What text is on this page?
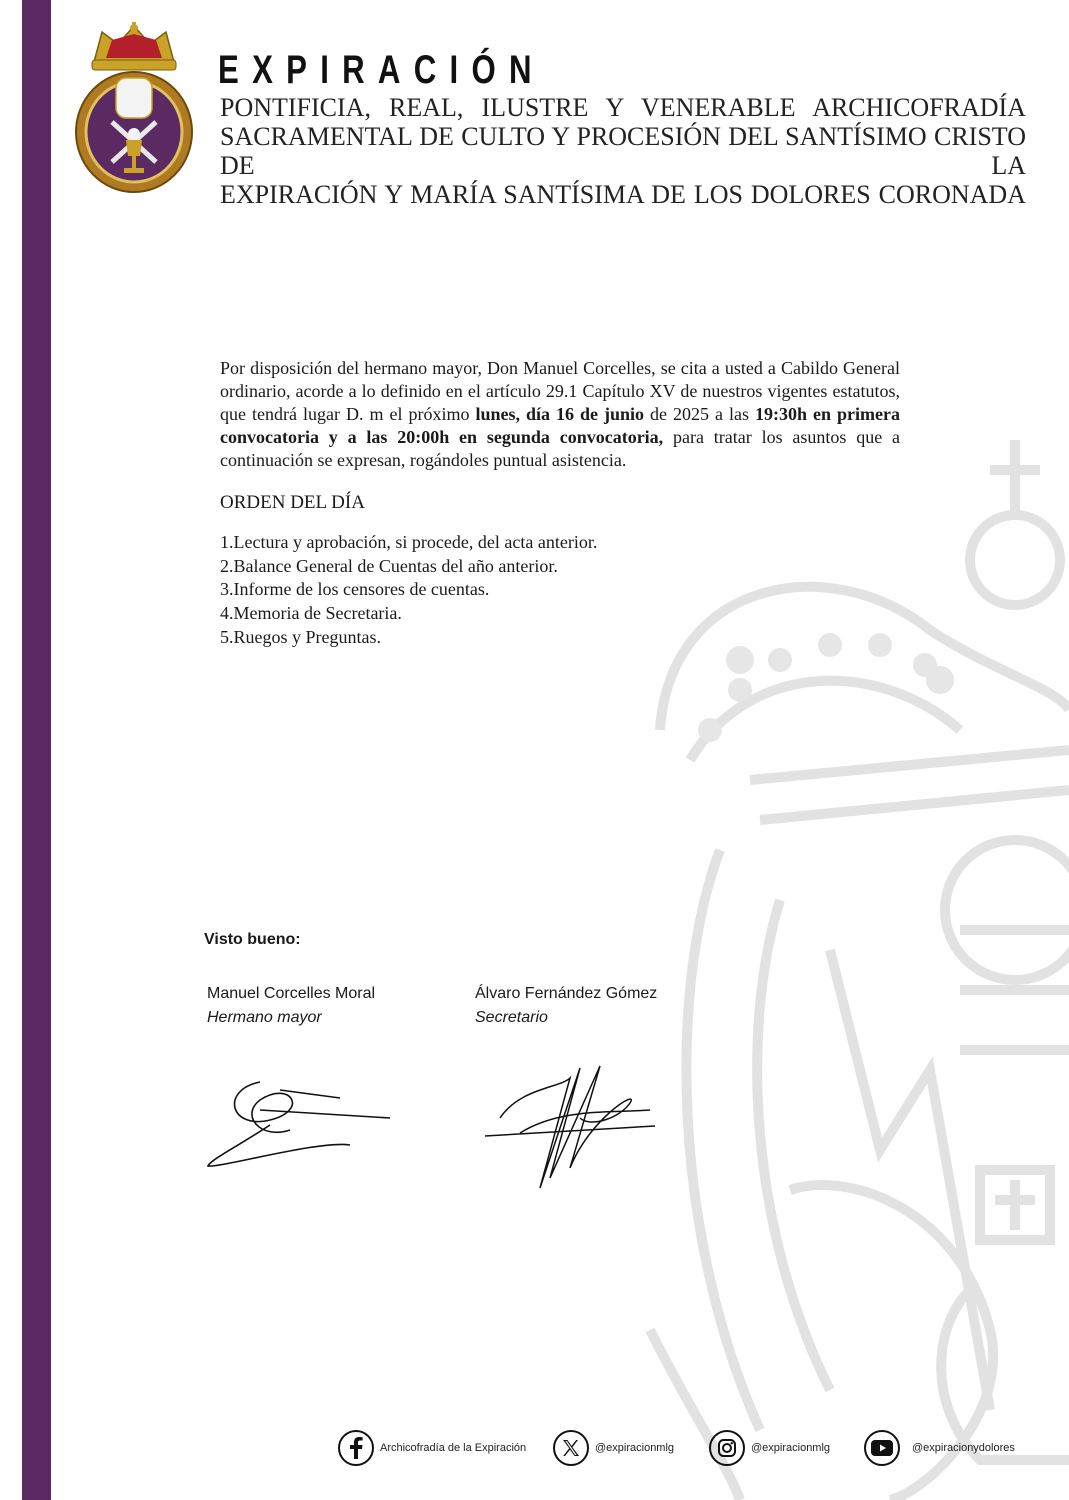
EXPIRACIÓN
PONTIFICIA, REAL, ILUSTRE Y VENERABLE ARCHICOFRADÍA
SACRAMENTAL DE CULTO Y PROCESIÓN DEL SANTÍSIMO CRISTO DE LA
EXPIRACIÓN Y MARÍA SANTÍSIMA DE LOS DOLORES CORONADA
Por disposición del hermano mayor, Don Manuel Corcelles, se cita a usted a Cabildo General ordinario, acorde a lo definido en el artículo 29.1 Capítulo XV de nuestros vigentes estatutos, que tendrá lugar D. m el próximo lunes, día 16 de junio de 2025 a las 19:30h en primera convocatoria y a las 20:00h en segunda convocatoria, para tratar los asuntos que a continuación se expresan, rogándoles puntual asistencia.
ORDEN DEL DÍA
1.Lectura y aprobación, si procede, del acta anterior.
2.Balance General de Cuentas del año anterior.
3.Informe de los censores de cuentas.
4.Memoria de Secretaria.
5.Ruegos y Preguntas.
Visto bueno:
Manuel Corcelles Moral
Hermano mayor
Álvaro Fernández Gómez
Secretario
Archicofradía de la Expiración	@expiracionmlg	@expiracionmlg	@expiracionydolores
